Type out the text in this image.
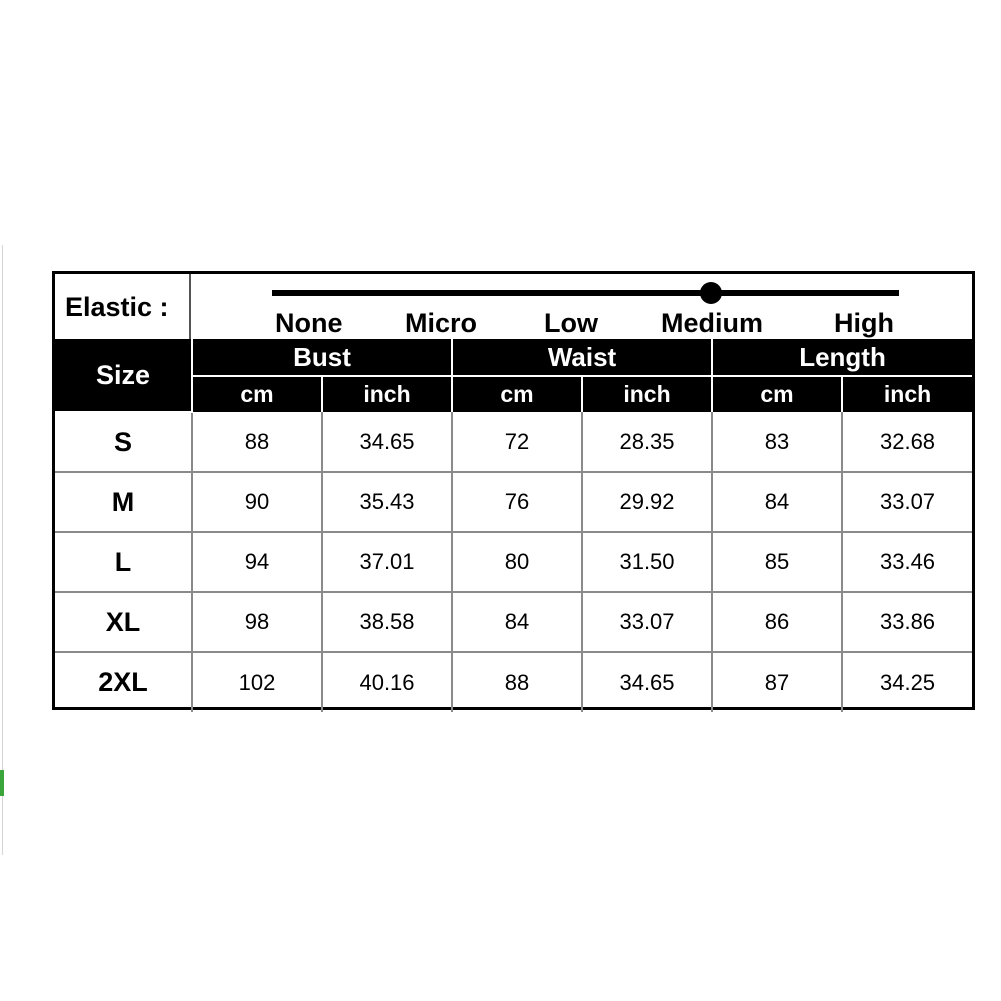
Elastic :
None Micro Low Medium	High
Size	Bust		Waist		Length	
	cm	inch	cm	inch	cm	inch
S	88	34.65	72	28.35	83	32.68
M	90	35.43	76	29.92	84	33.07
L	94	37.01	80	31.50	85	33.46
XL	98	38.58	84	33.07	86	33.86
2XL	102	40.16	88	34.65	87	34.25
